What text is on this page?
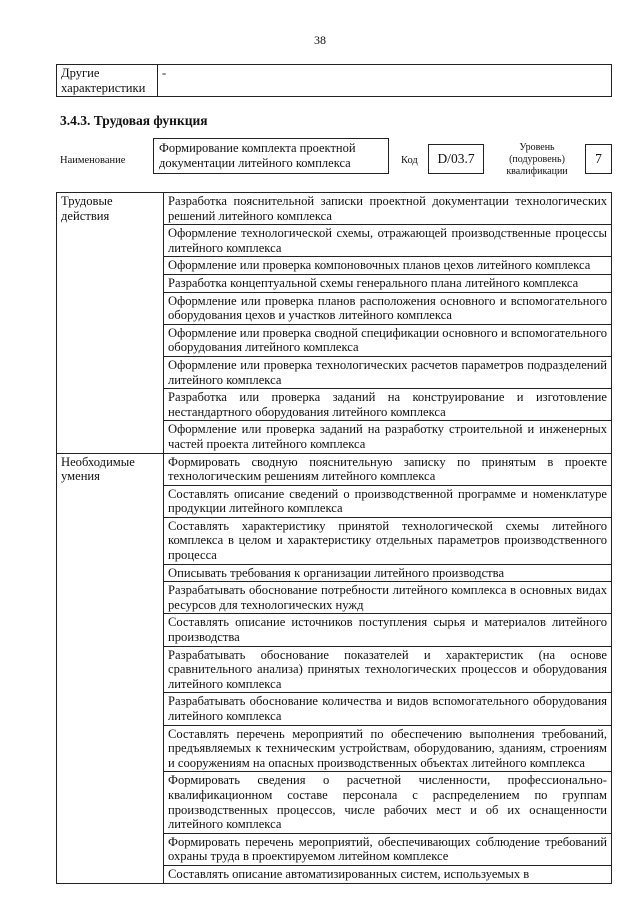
38
Другие характеристики	-
3.4.3. Трудовая функция
Наименование
Формирование комплекта проектной документации литейного комплекса	Код	D/03.7
Уровень (подуровень) квалификации
7
Трудовые действия	Разработка пояснительной записки проектной документации технологических решений литейного комплекса
	Оформление технологической схемы, отражающей производственные процессы литейного комплекса
	Оформление или проверка компоновочных планов цехов литейного комплекса
	Разработка концептуальной схемы генерального плана литейного комплекса
	Оформление или проверка планов расположения основного и вспомогательного оборудования цехов и участков литейного комплекса
	Оформление или проверка сводной спецификации основного и вспомогательного оборудования литейного комплекса
	Оформление или проверка технологических расчетов параметров подразделений литейного комплекса
	Разработка или проверка заданий на конструирование и изготовление нестандартного оборудования литейного комплекса
	Оформление или проверка заданий на разработку строительной и инженерных частей проекта литейного комплекса
Необходимые умения	Формировать сводную пояснительную записку по принятым в проекте технологическим решениям литейного комплекса
	Составлять описание сведений о производственной программе и номенклатуре продукции литейного комплекса
	Составлять характеристику принятой технологической схемы литейного комплекса в целом и характеристику отдельных параметров производственного процесса
	Описывать требования к организации литейного производства
	Разрабатывать обоснование потребности литейного комплекса в основных видах ресурсов для технологических нужд
	Составлять описание источников поступления сырья и материалов литейного производства
	Разрабатывать обоснование показателей и характеристик (на основе сравнительного анализа) принятых технологических процессов и оборудования литейного комплекса
	Разрабатывать обоснование количества и видов вспомогательного оборудования литейного комплекса
	Составлять перечень мероприятий по обеспечению выполнения требований, предъявляемых к техническим устройствам, оборудованию, зданиям, строениям и сооружениям на опасных производственных объектах литейного комплекса
	Формировать сведения о расчетной численности, профессионально-квалификационном составе персонала с распределением по группам производственных процессов, числе рабочих мест и об их оснащенности литейного комплекса
	Формировать перечень мероприятий, обеспечивающих соблюдение требований охраны труда в проектируемом литейном комплексе
	Составлять описание автоматизированных систем, используемых в
